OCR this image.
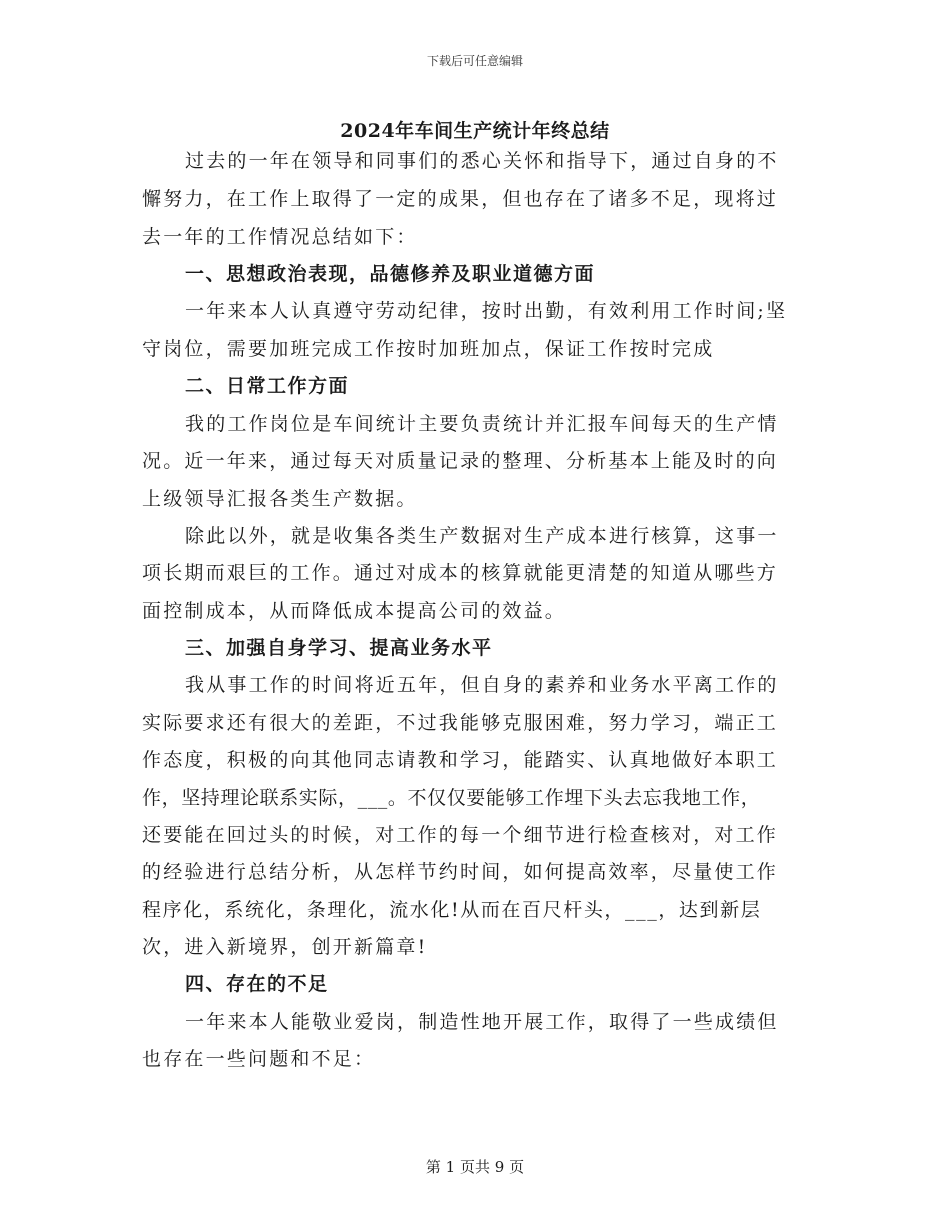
下载后可任意编辑
2024年车间生产统计年终总结
过去的一年在领导和同事们的悉心关怀和指导下，通过自身的不
懈努力，在工作上取得了一定的成果，但也存在了诸多不足，现将过
去一年的工作情况总结如下：
一、思想政治表现，品德修养及职业道德方面
一年来本人认真遵守劳动纪律，按时出勤，有效利用工作时间;坚
守岗位，需要加班完成工作按时加班加点，保证工作按时完成
二、日常工作方面
我的工作岗位是车间统计主要负责统计并汇报车间每天的生产情
况。近一年来，通过每天对质量记录的整理、分析基本上能及时的向
上级领导汇报各类生产数据。
除此以外，就是收集各类生产数据对生产成本进行核算，这事一
项长期而艰巨的工作。通过对成本的核算就能更清楚的知道从哪些方
面控制成本，从而降低成本提高公司的效益。
三、加强自身学习、提高业务水平
我从事工作的时间将近五年，但自身的素养和业务水平离工作的
实际要求还有很大的差距，不过我能够克服困难，努力学习，端正工
作态度，积极的向其他同志请教和学习，能踏实、认真地做好本职工
作，坚持理论联系实际，___。不仅仅要能够工作埋下头去忘我地工作，
还要能在回过头的时候，对工作的每一个细节进行检查核对，对工作
的经验进行总结分析，从怎样节约时间，如何提高效率，尽量使工作
程序化，系统化，条理化，流水化!从而在百尺杆头，___，达到新层
次，进入新境界，创开新篇章!
四、存在的不足
一年来本人能敬业爱岗，制造性地开展工作，取得了一些成绩但
也存在一些问题和不足：
第 1 页共 9 页
